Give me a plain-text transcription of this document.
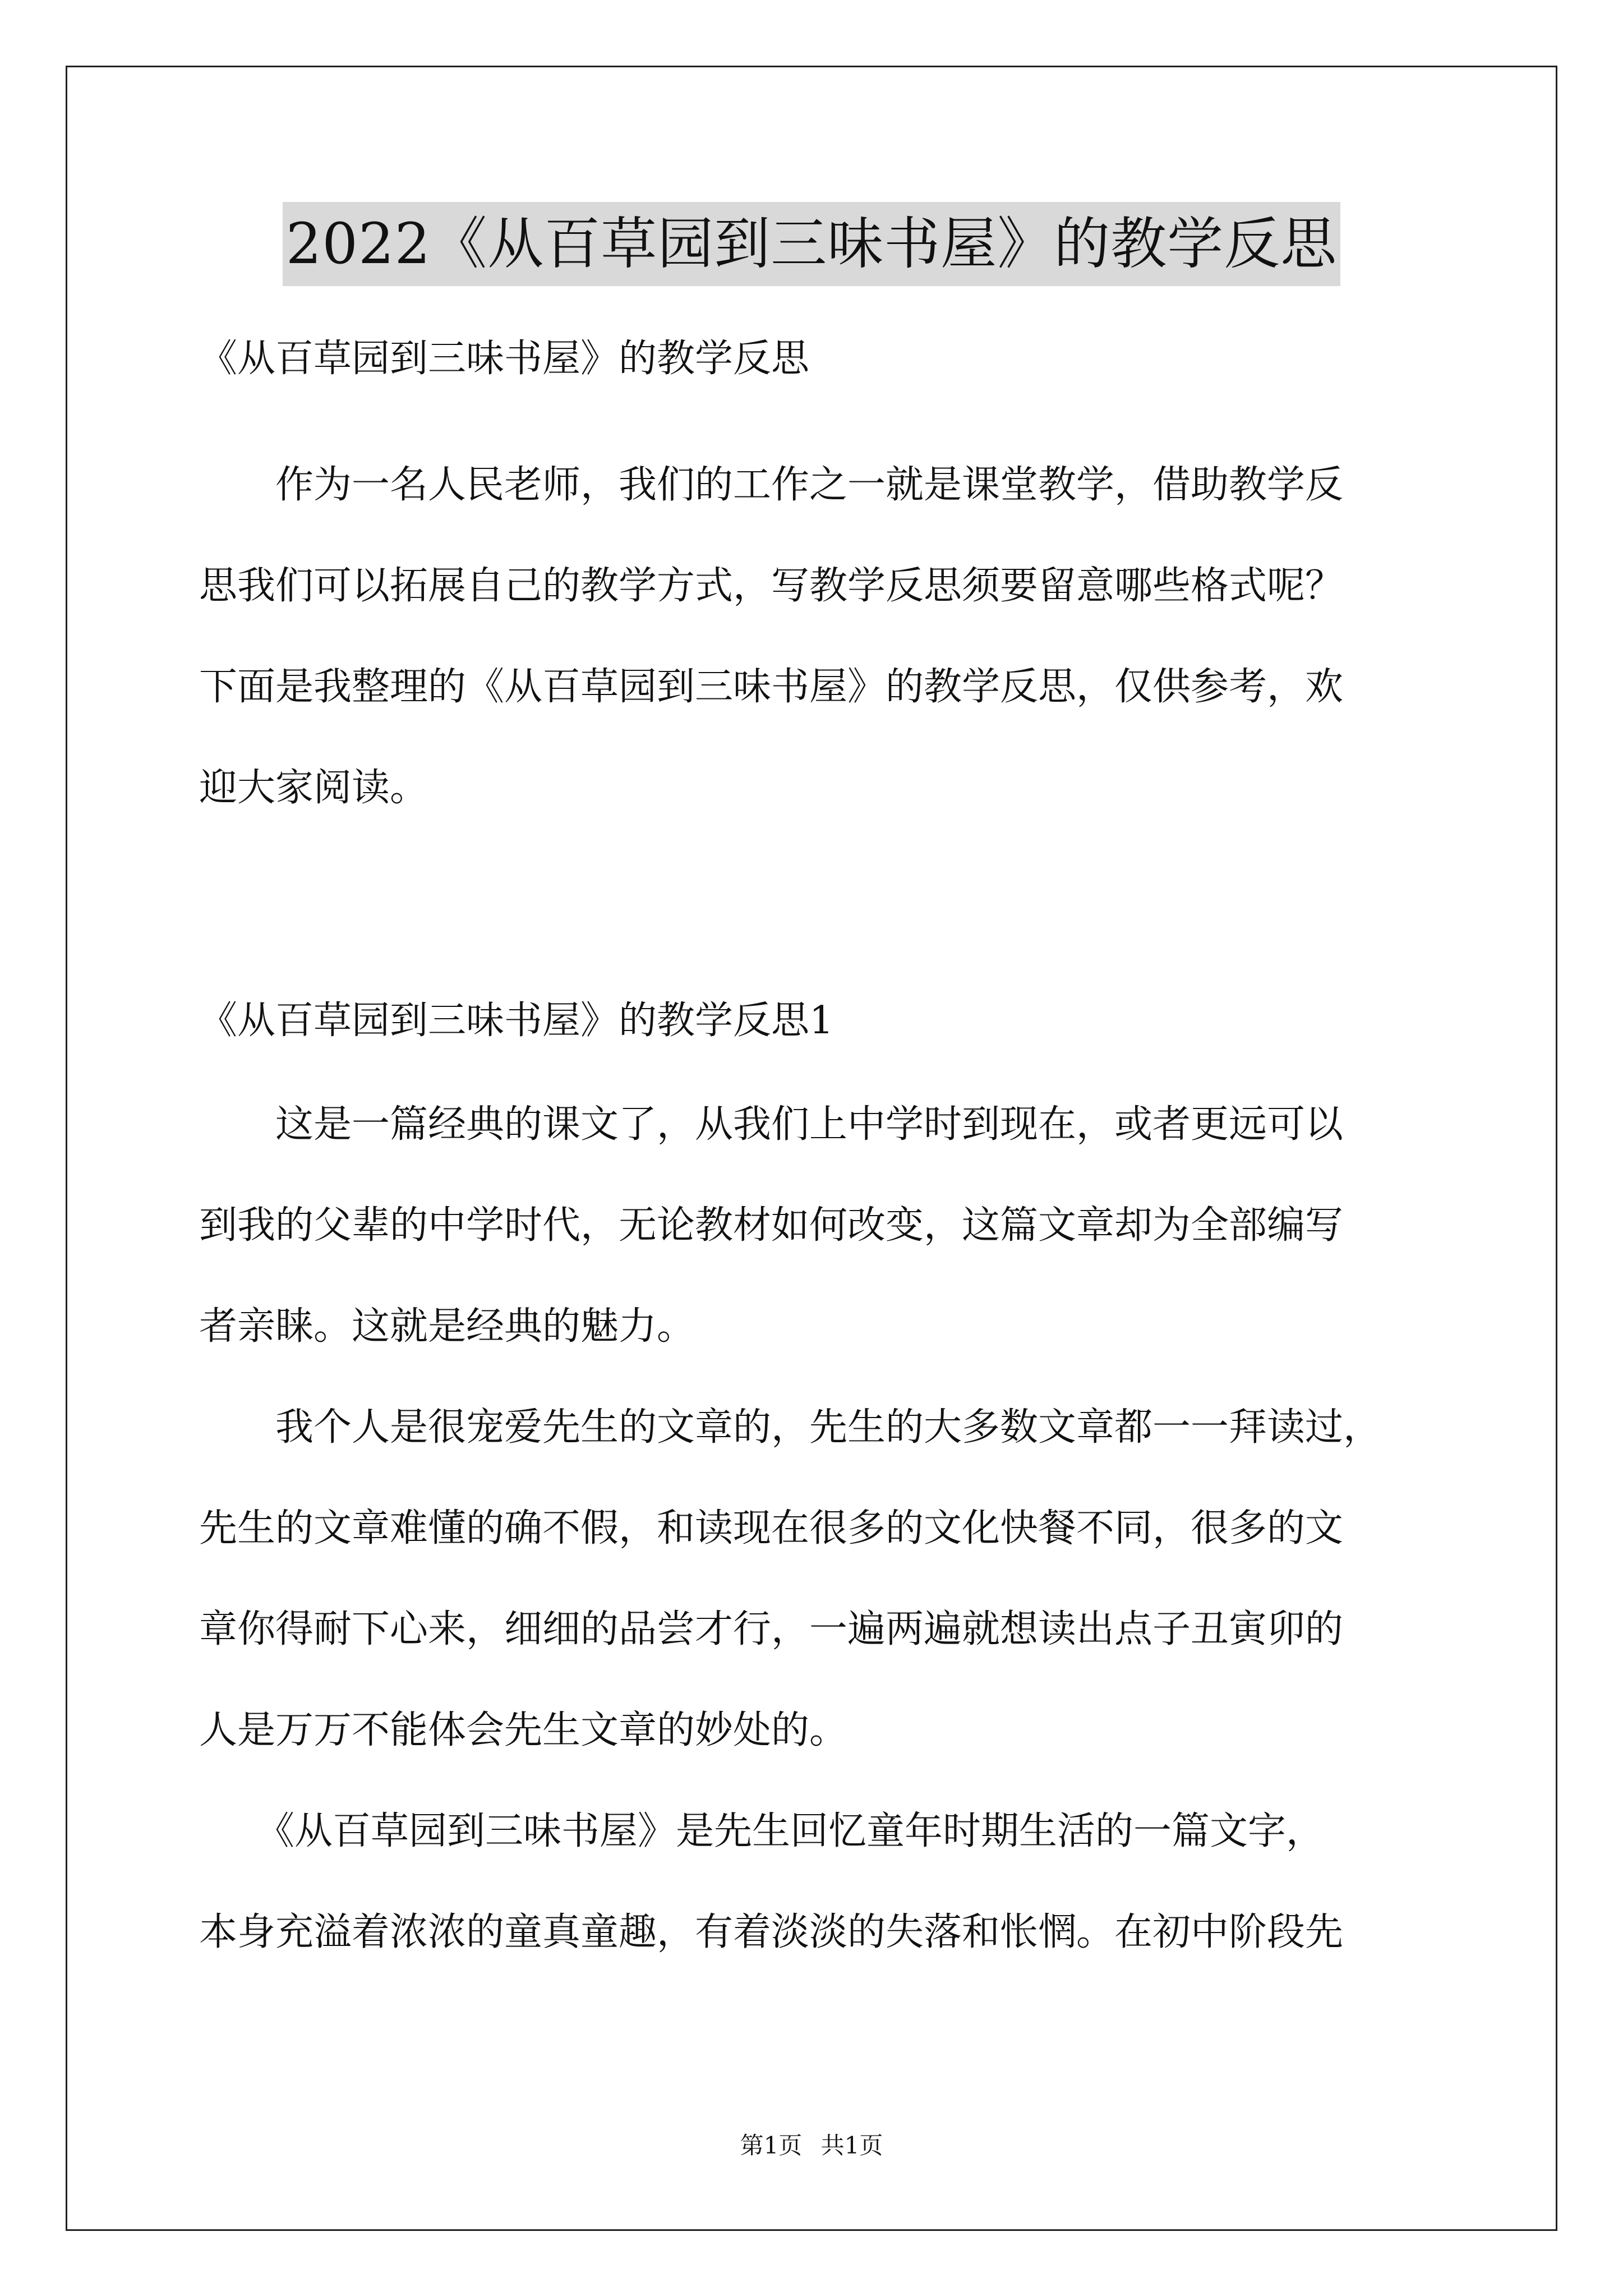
2022《从百草园到三味书屋》的教学反思
《从百草园到三味书屋》的教学反思
　　作为一名人民老师，我们的工作之一就是课堂教学，借助教学反
思我们可以拓展自己的教学方式，写教学反思须要留意哪些格式呢？
下面是我整理的《从百草园到三味书屋》的教学反思，仅供参考，欢
迎大家阅读。
《从百草园到三味书屋》的教学反思1
　　这是一篇经典的课文了，从我们上中学时到现在，或者更远可以
到我的父辈的中学时代，无论教材如何改变，这篇文章却为全部编写
者亲睐。这就是经典的魅力。
　　我个人是很宠爱先生的文章的，先生的大多数文章都一一拜读过，
先生的文章难懂的确不假，和读现在很多的文化快餐不同，很多的文
章你得耐下心来，细细的品尝才行，一遍两遍就想读出点子丑寅卯的
人是万万不能体会先生文章的妙处的。
　　《从百草园到三味书屋》是先生回忆童年时期生活的一篇文字，
本身充溢着浓浓的童真童趣，有着淡淡的失落和怅惘。在初中阶段先
第1页 共1页
